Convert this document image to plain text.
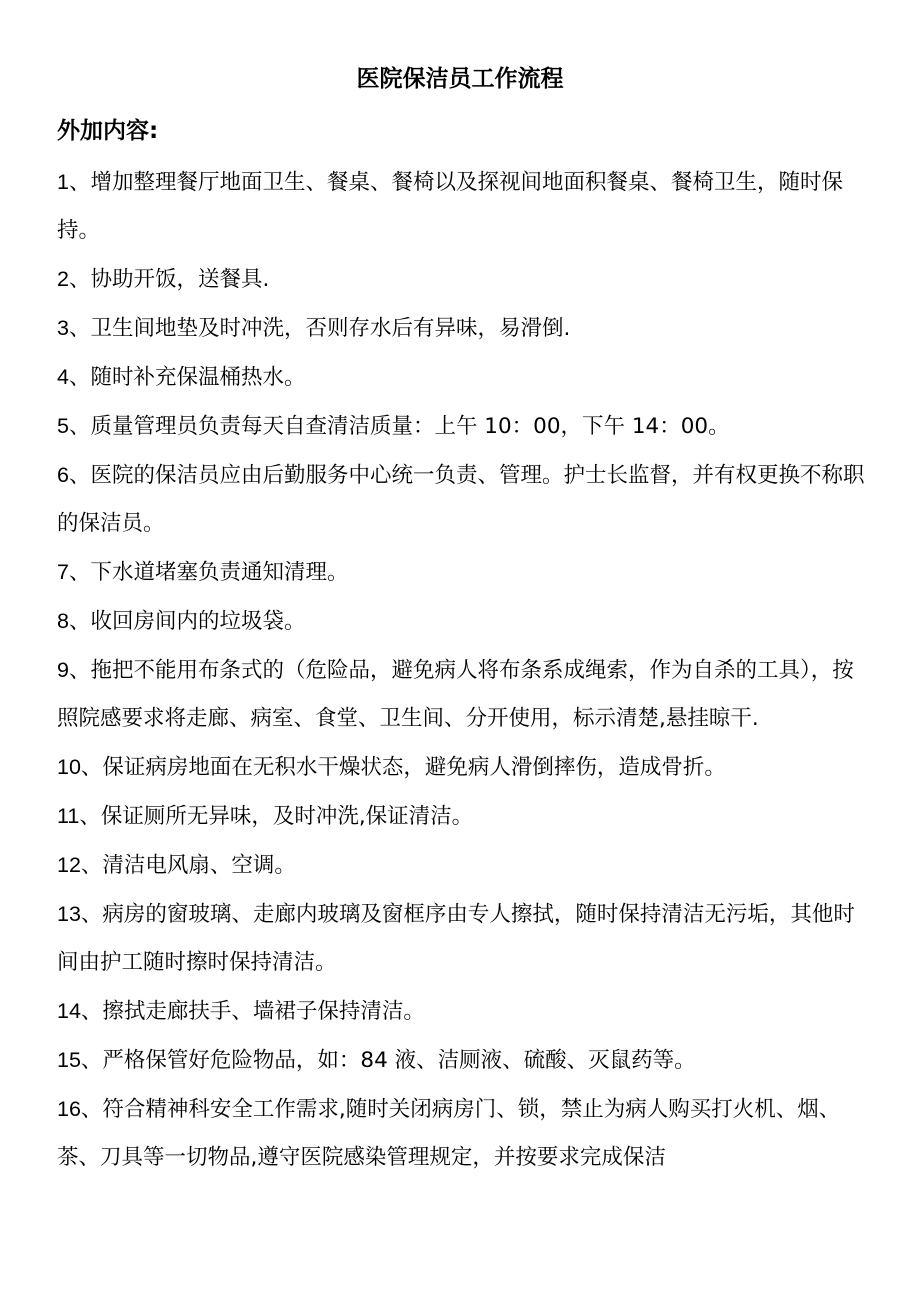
医院保洁员工作流程
外加内容:

1、增加整理餐厅地面卫生、餐桌、餐椅以及探视间地面积餐桌、餐椅卫生，随时保持。

2、协助开饭，送餐具.

3、卫生间地垫及时冲洗，否则存水后有异味，易滑倒.

4、随时补充保温桶热水。

5、质量管理员负责每天自查清洁质量：上午 10：00，下午 14：00。

6、医院的保洁员应由后勤服务中心统一负责、管理。护士长监督，并有权更换不称职的保洁员。

7、下水道堵塞负责通知清理。

8、收回房间内的垃圾袋。

9、拖把不能用布条式的（危险品，避免病人将布条系成绳索，作为自杀的工具），按照院感要求将走廊、病室、食堂、卫生间、分开使用，标示清楚,悬挂晾干.

10、保证病房地面在无积水干燥状态，避免病人滑倒摔伤，造成骨折。

11、保证厕所无异味，及时冲洗,保证清洁。

12、清洁电风扇、空调。

13、病房的窗玻璃、走廊内玻璃及窗框序由专人擦拭，随时保持清洁无污垢，其他时间由护工随时擦时保持清洁。

14、擦拭走廊扶手、墙裙子保持清洁。

15、严格保管好危险物品，如：84 液、洁厕液、硫酸、灭鼠药等。

16、符合精神科安全工作需求,随时关闭病房门、锁，禁止为病人购买打火机、烟、茶、刀具等一切物品,遵守医院感染管理规定，并按要求完成保洁
